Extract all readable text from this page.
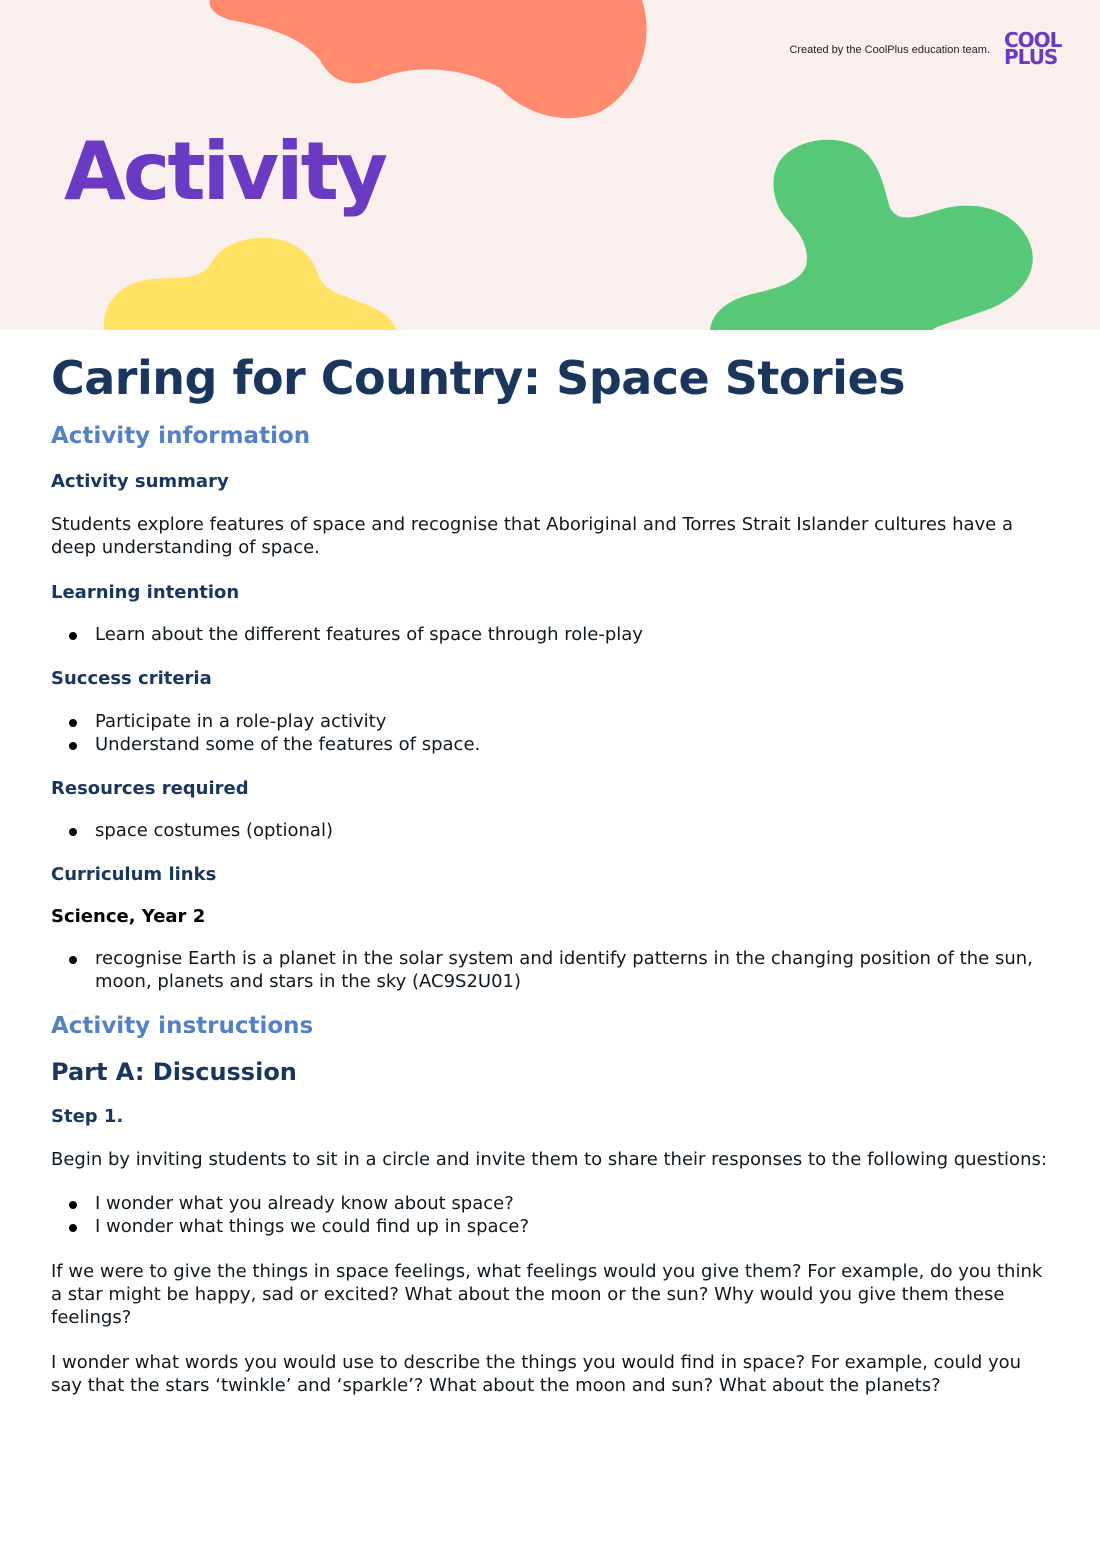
Created by the CoolPlus education team. COOL
PLUS
Activity
Caring for Country: Space Stories
Activity information
Activity summary

Students explore features of space and recognise that Aboriginal and Torres Strait Islander cultures have a deep understanding of space.

Learning intention
Learn about the different features of space through role-play
Success criteria
Participate in a role-play activity
Understand some of the features of space.
Resources required
space costumes (optional)
Curriculum links
Science, Year 2
recognise Earth is a planet in the solar system and identify patterns in the changing position of the sun, moon, planets and stars in the sky (AC9S2U01)
Activity instructions
Part A: Discussion
Step 1.

Begin by inviting students to sit in a circle and invite them to share their responses to the following questions:

I wonder what you already know about space?
I wonder what things we could find up in space?

If we were to give the things in space feelings, what feelings would you give them? For example, do you think a star might be happy, sad or excited? What about the moon or the sun? Why would you give them these feelings?

I wonder what words you would use to describe the things you would find in space? For example, could you say that the stars ‘twinkle’ and ‘sparkle’? What about the moon and sun? What about the planets?
